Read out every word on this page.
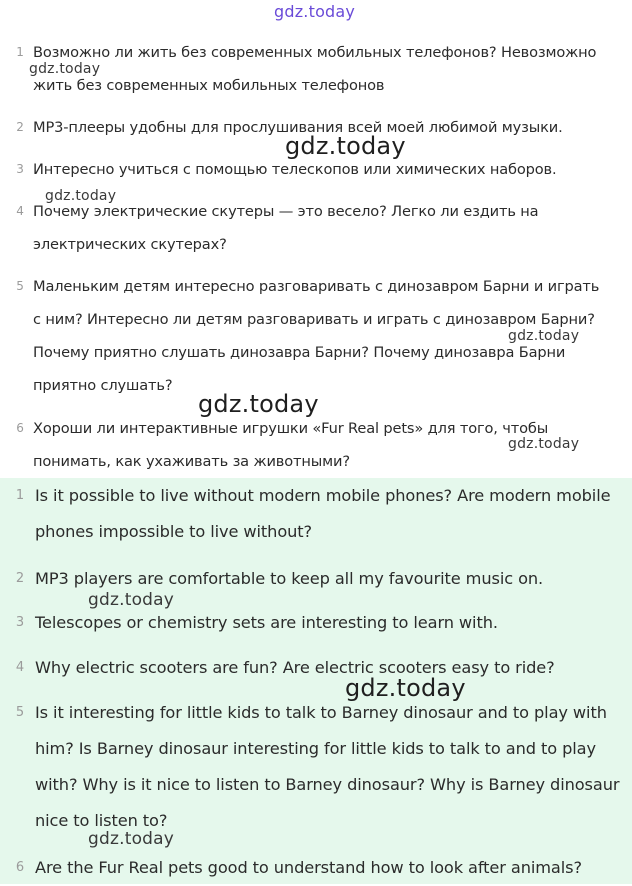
1 Возможно ли жить без современных мобильных телефонов? Невозможно
жить без современных мобильных телефонов
2 MP3-плееры удобны для прослушивания всей моей любимой музыки.
3 Интересно учиться с помощью телескопов или химических наборов.
4 Почему электрические скутеры — это весело? Легко ли ездить на
электрических скутерах?
5 Маленьким детям интересно разговаривать с динозавром Барни и играть
с ним? Интересно ли детям разговаривать и играть с динозавром Барни?
Почему приятно слушать динозавра Барни? Почему динозавра Барни
приятно слушать?
6 Хороши ли интерактивные игрушки «Fur Real pets» для того, чтобы
понимать, как ухаживать за животными?
1 Is it possible to live without modern mobile phones? Are modern mobile
phones impossible to live without?
2 MP3 players are comfortable to keep all my favourite music on.
3 Telescopes or chemistry sets are interesting to learn with.
4 Why electric scooters are fun? Are electric scooters easy to ride?
5 Is it interesting for little kids to talk to Barney dinosaur and to play with
him? Is Barney dinosaur interesting for little kids to talk to and to play
with? Why is it nice to listen to Barney dinosaur? Why is Barney dinosaur
nice to listen to?
6 Are the Fur Real pets good to understand how to look after animals?
gdz.today
gdz.today
gdz.today
gdz.today
gdz.today
gdz.today
gdz.today
gdz.today
gdz.today
gdz.today
